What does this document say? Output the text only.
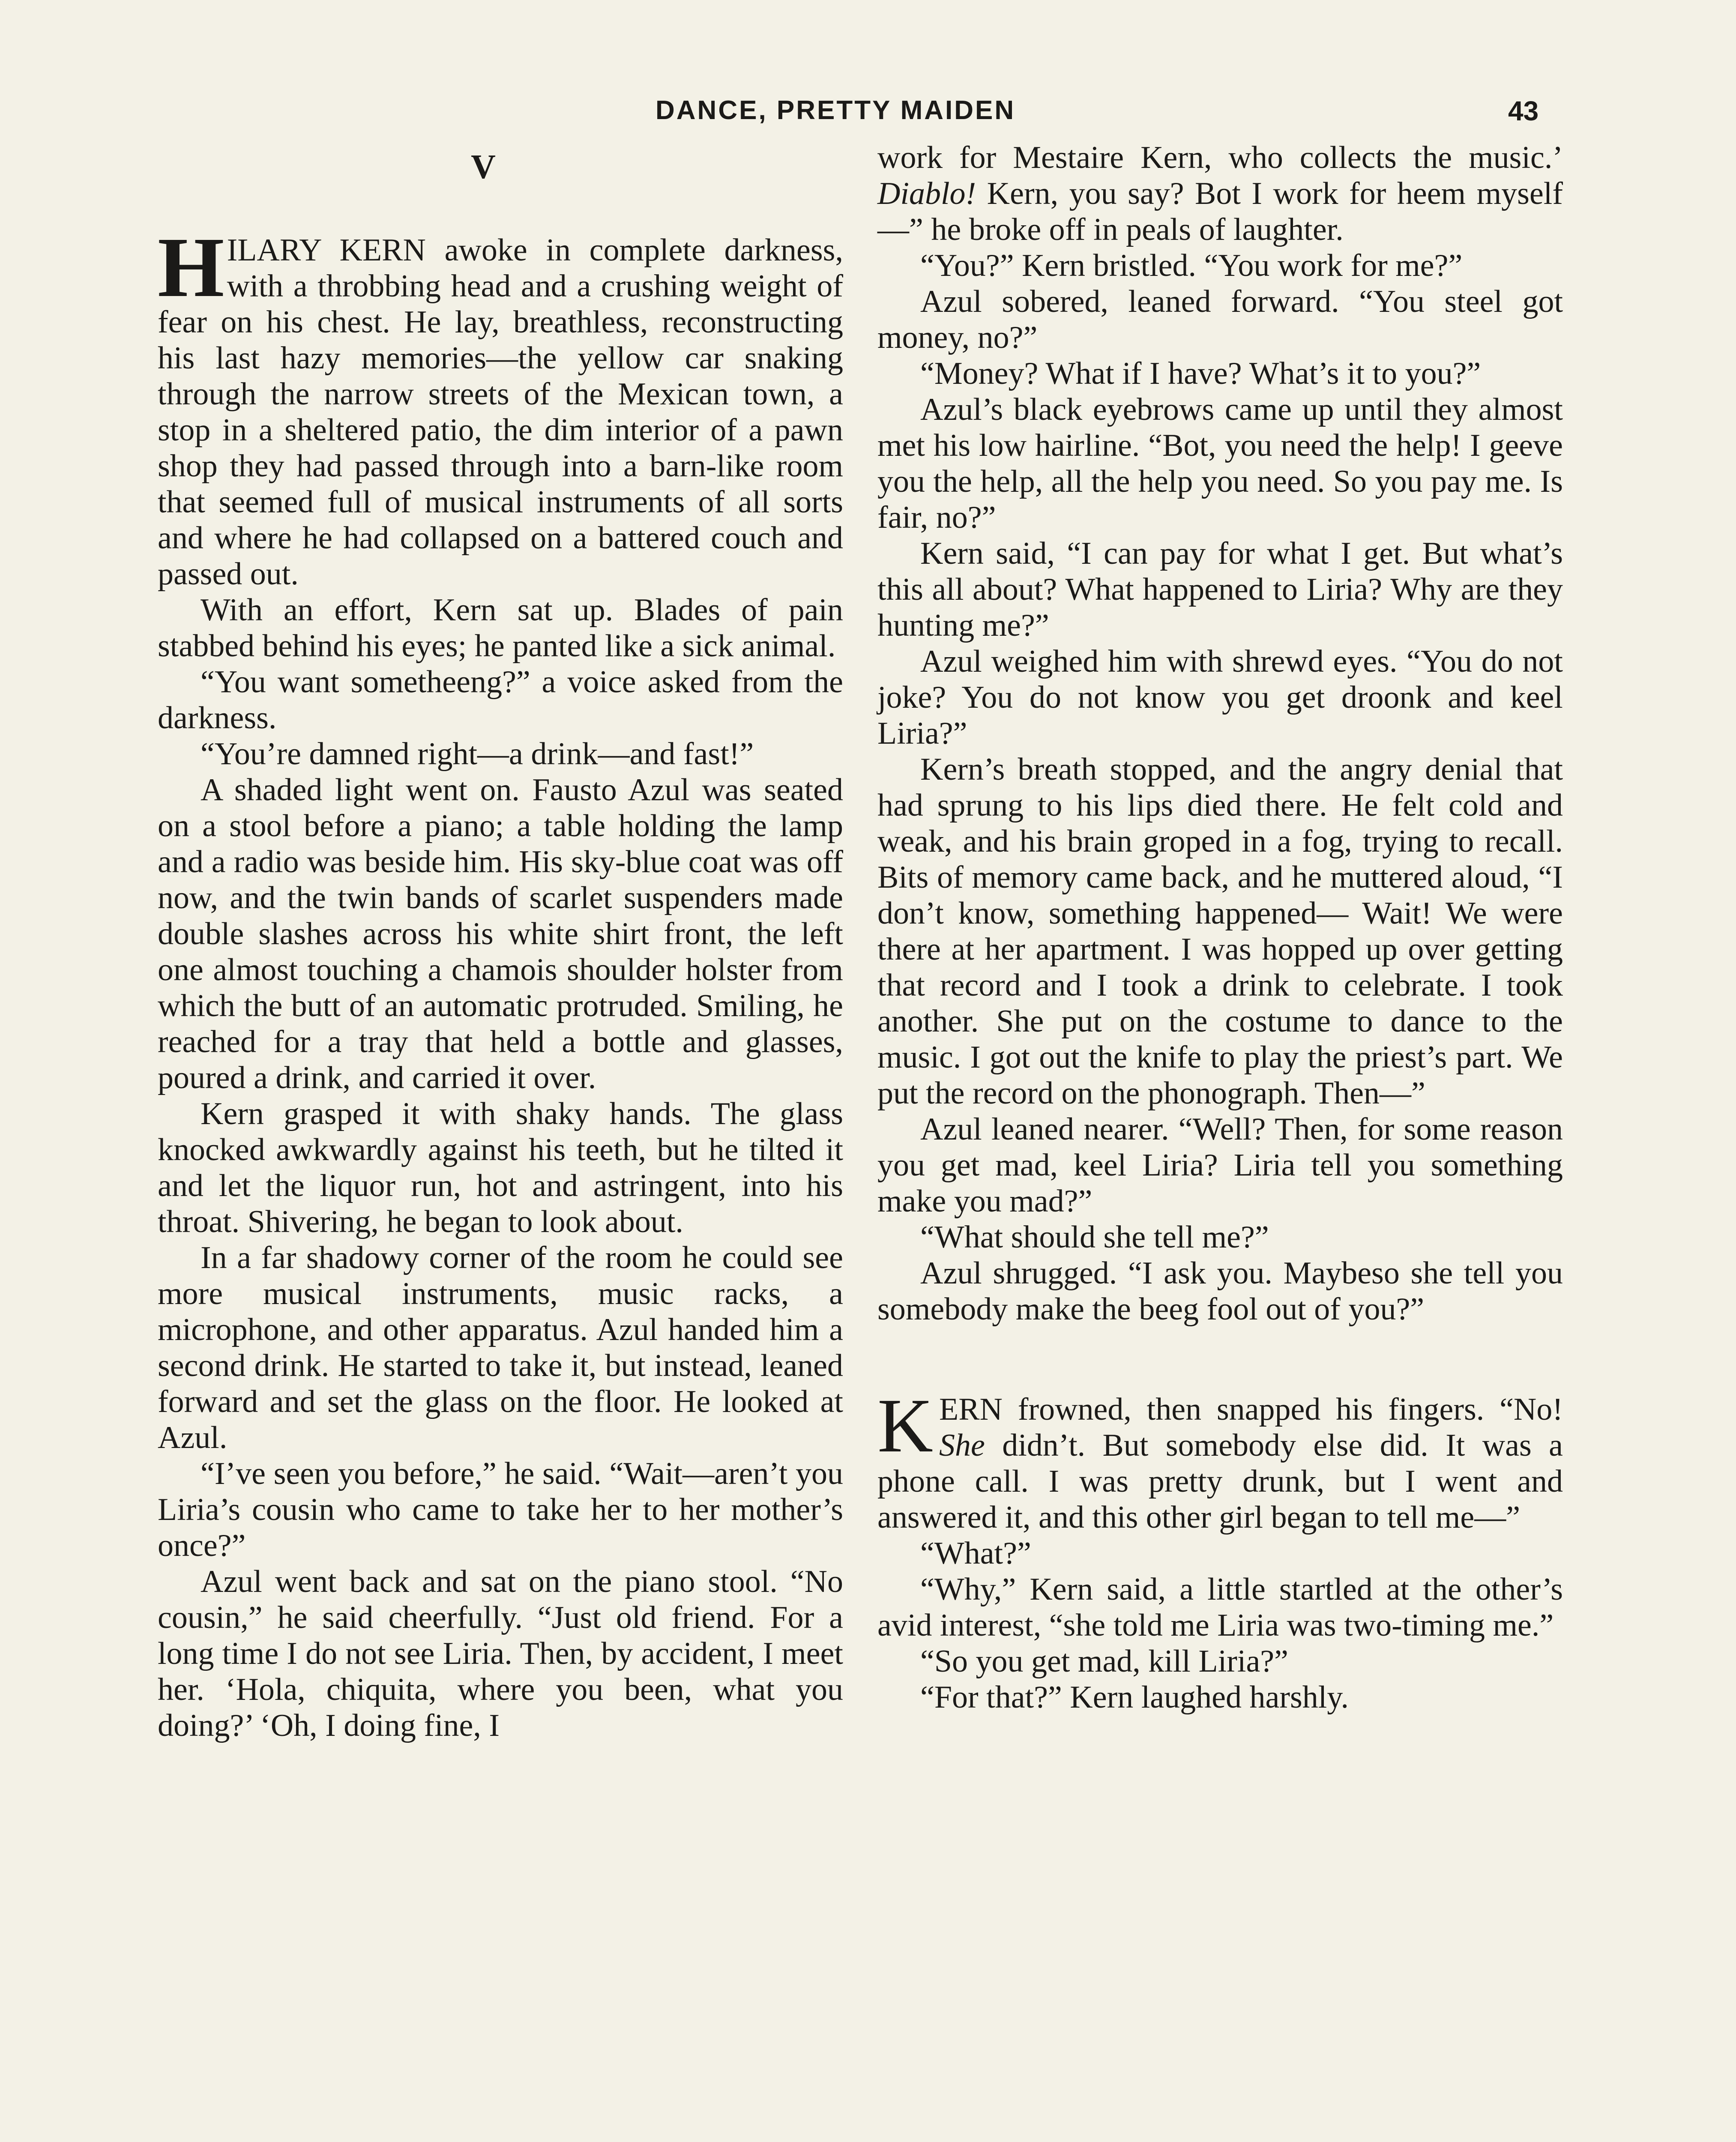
DANCE, PRETTY MAIDEN	43
V

HILARY KERN awoke in complete darkness, with a throbbing head and a crushing weight of fear on his chest. He lay, breathless, reconstructing his last hazy memories—the yellow car snaking through the narrow streets of the Mexican town, a stop in a sheltered patio, the dim interior of a pawn shop they had passed through into a barn-like room that seemed full of musical instruments of all sorts and where he had collapsed on a battered couch and passed out.

With an effort, Kern sat up. Blades of pain stabbed behind his eyes; he panted like a sick animal.

“You want sometheeng?” a voice asked from the darkness.

“You’re damned right—a drink—and fast!”

A shaded light went on. Fausto Azul was seated on a stool before a piano; a table holding the lamp and a radio was beside him. His sky-blue coat was off now, and the twin bands of scarlet suspenders made double slashes across his white shirt front, the left one almost touching a chamois shoulder holster from which the butt of an automatic protruded. Smiling, he reached for a tray that held a bottle and glasses, poured a drink, and carried it over.

Kern grasped it with shaky hands. The glass knocked awkwardly against his teeth, but he tilted it and let the liquor run, hot and astringent, into his throat. Shivering, he began to look about.

In a far shadowy corner of the room he could see more musical instruments, music racks, a microphone, and other apparatus. Azul handed him a second drink. He started to take it, but instead, leaned forward and set the glass on the floor. He looked at Azul.

“I’ve seen you before,” he said. “Wait—aren’t you Liria’s cousin who came to take her to her mother’s once?”

Azul went back and sat on the piano stool. “No cousin,” he said cheerfully. “Just old friend. For a long time I do not see Liria. Then, by accident, I meet her. ‘Hola, chiquita, where you been, what you doing?’ ‘Oh, I doing fine, I

work for Mestaire Kern, who collects the music.’ Diablo! Kern, you say? Bot I work for heem myself—” he broke off in peals of laughter.

“You?” Kern bristled. “You work for me?”

Azul sobered, leaned forward. “You steel got money, no?”

“Money? What if I have? What’s it to you?”

Azul’s black eyebrows came up until they almost met his low hairline. “Bot, you need the help! I geeve you the help, all the help you need. So you pay me. Is fair, no?”

Kern said, “I can pay for what I get. But what’s this all about? What happened to Liria? Why are they hunting me?”

Azul weighed him with shrewd eyes. “You do not joke? You do not know you get droonk and keel Liria?”

Kern’s breath stopped, and the angry denial that had sprung to his lips died there. He felt cold and weak, and his brain groped in a fog, trying to recall. Bits of memory came back, and he muttered aloud, “I don’t know, something happened— Wait! We were there at her apartment. I was hopped up over getting that record and I took a drink to celebrate. I took another. She put on the costume to dance to the music. I got out the knife to play the priest’s part. We put the record on the phonograph. Then—”

Azul leaned nearer. “Well? Then, for some reason you get mad, keel Liria? Liria tell you something make you mad?”

“What should she tell me?”

Azul shrugged. “I ask you. Maybeso she tell you somebody make the beeg fool out of you?”

KERN frowned, then snapped his fingers. “No! She didn’t. But somebody else did. It was a phone call. I was pretty drunk, but I went and answered it, and this other girl began to tell me—”

“What?”

“Why,” Kern said, a little startled at the other’s avid interest, “she told me Liria was two-timing me.”

“So you get mad, kill Liria?”

“For that?” Kern laughed harshly.
